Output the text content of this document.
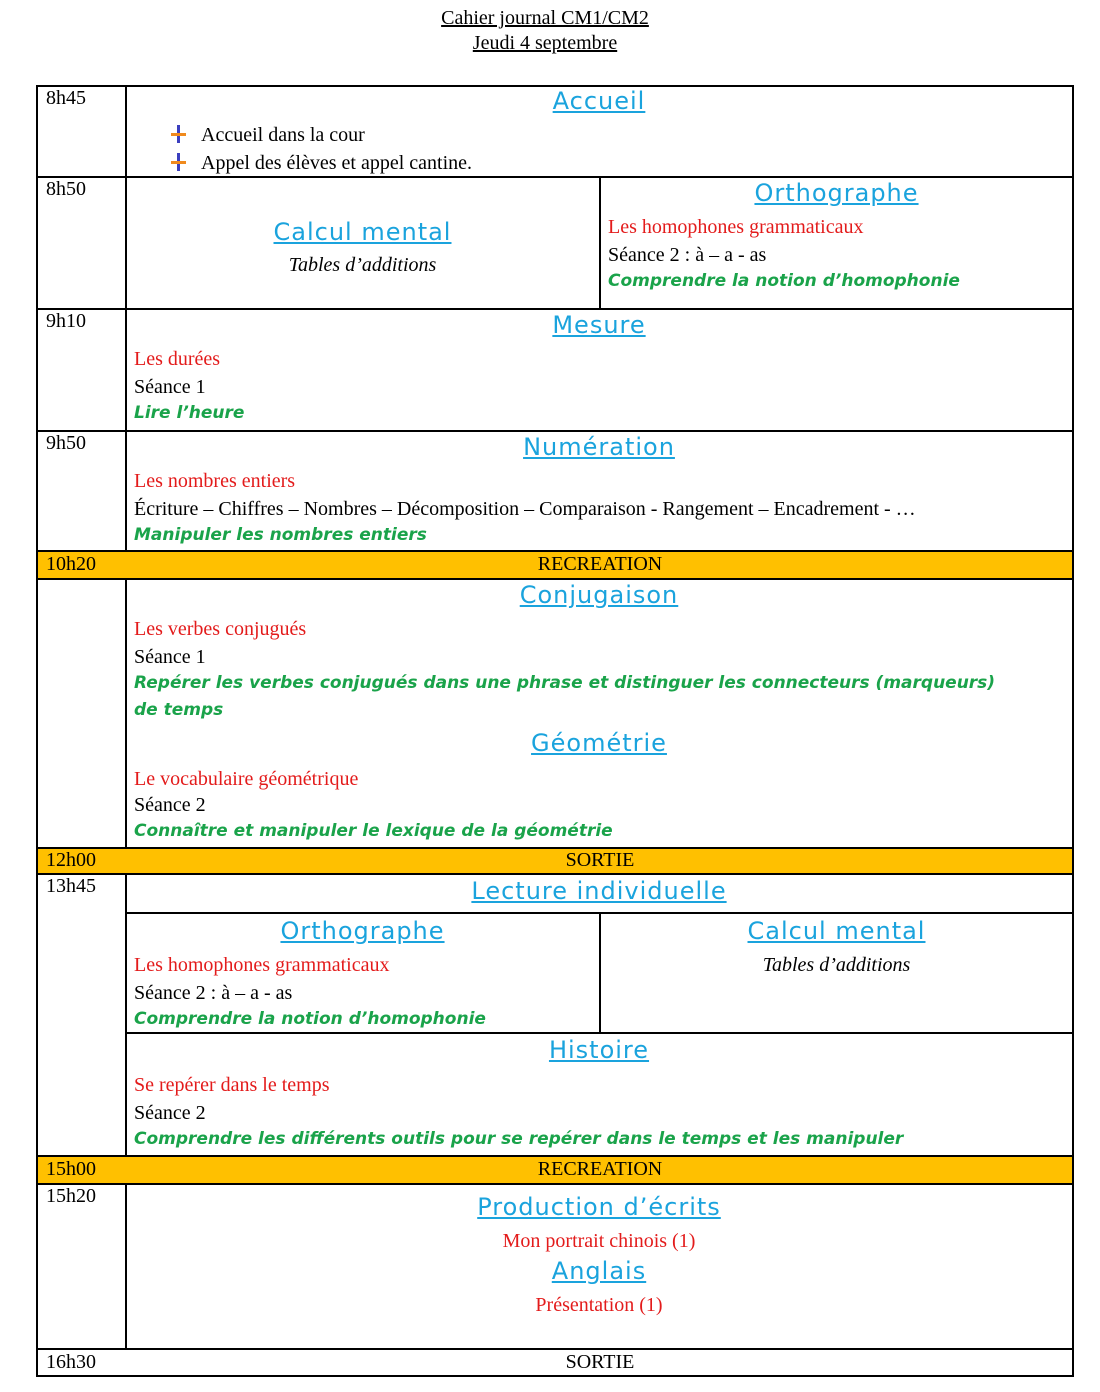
Cahier journal CM1/CM2
Jeudi 4 septembre
8h45
8h50
9h10
9h50
10h20
12h00
13h45
15h00
15h20
16h30
RECREATION
SORTIE
RECREATION
SORTIE
Accueil
Accueil dans la cour
Appel des élèves et appel cantine.
Calcul mental
Tables d’additions
Orthographe
Les homophones grammaticaux
Séance 2 : à – a - as
Comprendre la notion d’homophonie
Mesure
Les durées
Séance 1
Lire l’heure
Numération
Les nombres entiers
Écriture – Chiffres – Nombres – Décomposition – Comparaison - Rangement – Encadrement - …
Manipuler les nombres entiers
Conjugaison
Les verbes conjugués
Séance 1
Repérer les verbes conjugués dans une phrase et distinguer les connecteurs (marqueurs)
de temps
Géométrie
Le vocabulaire géométrique
Séance 2
Connaître et manipuler le lexique de la géométrie
Lecture individuelle
Orthographe
Les homophones grammaticaux
Séance 2 : à – a - as
Comprendre la notion d’homophonie
Calcul mental
Tables d’additions
Histoire
Se repérer dans le temps
Séance 2
Comprendre les différents outils pour se repérer dans le temps et les manipuler
Production d’écrits
Mon portrait chinois (1)
Anglais
Présentation (1)
